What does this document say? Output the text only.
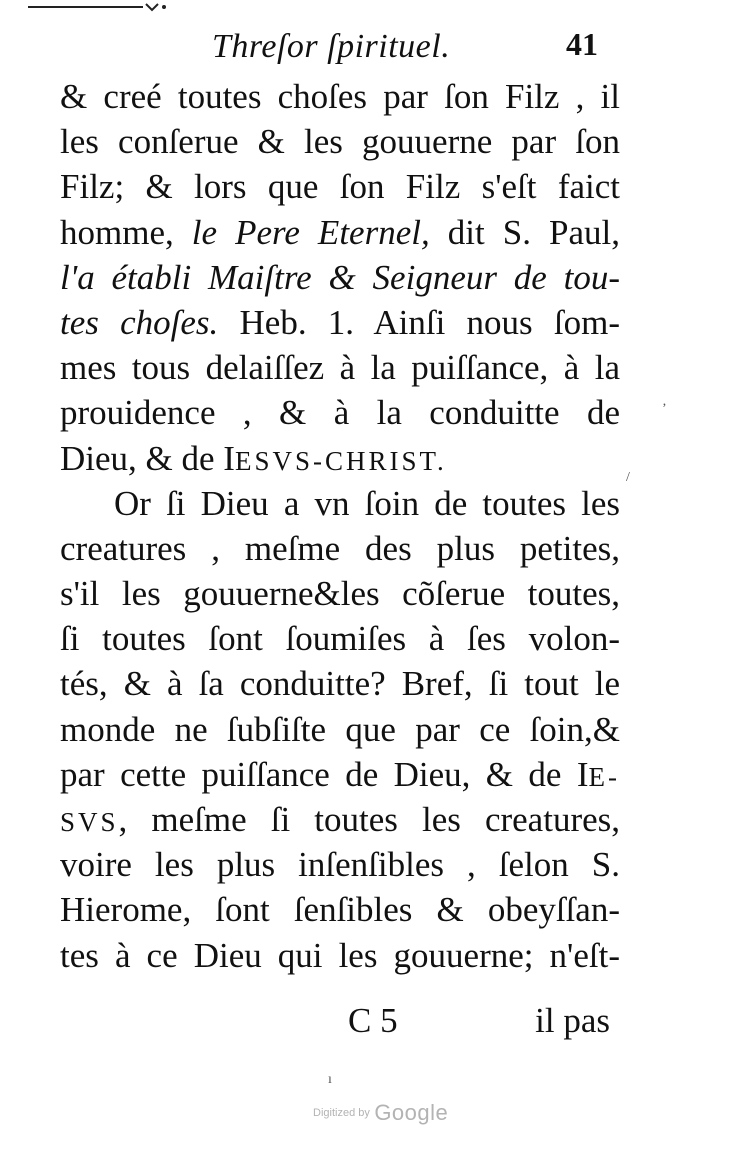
Threſor ſpirituel.	41
& creé toutes choſes par ſon Filz , il
les conſerue & les gouuerne par ſon
Filz; & lors que ſon Filz s'eſt faict
homme, le Pere Eternel, dit S. Paul,
l'a établi Maiſtre & Seigneur de tou-
tes choſes. Heb. 1. Ainſi nous ſom-
mes tous delaiſſez à la puiſſance, à la
prouidence , & à la conduitte de
Dieu, & de IESVS-CHRIST.
Or ſi Dieu a vn ſoin de toutes les
creatures , meſme des plus petites,
s'il les gouuerne&les cõſerue toutes,
ſi toutes ſont ſoumiſes à ſes volon-
tés, & à ſa conduitte? Bref, ſi tout le
monde ne ſubſiſte que par ce ſoin,&
par cette puiſſance de Dieu, & de IE-
SVS, meſme ſi toutes les creatures,
voire les plus inſenſibles , ſelon S.
Hierome, ſont ſenſibles & obeyſſan-
tes à ce Dieu qui les gouuerne; n'eſt-
C 5	il pas
‚
/
ı
Digitized by Google
